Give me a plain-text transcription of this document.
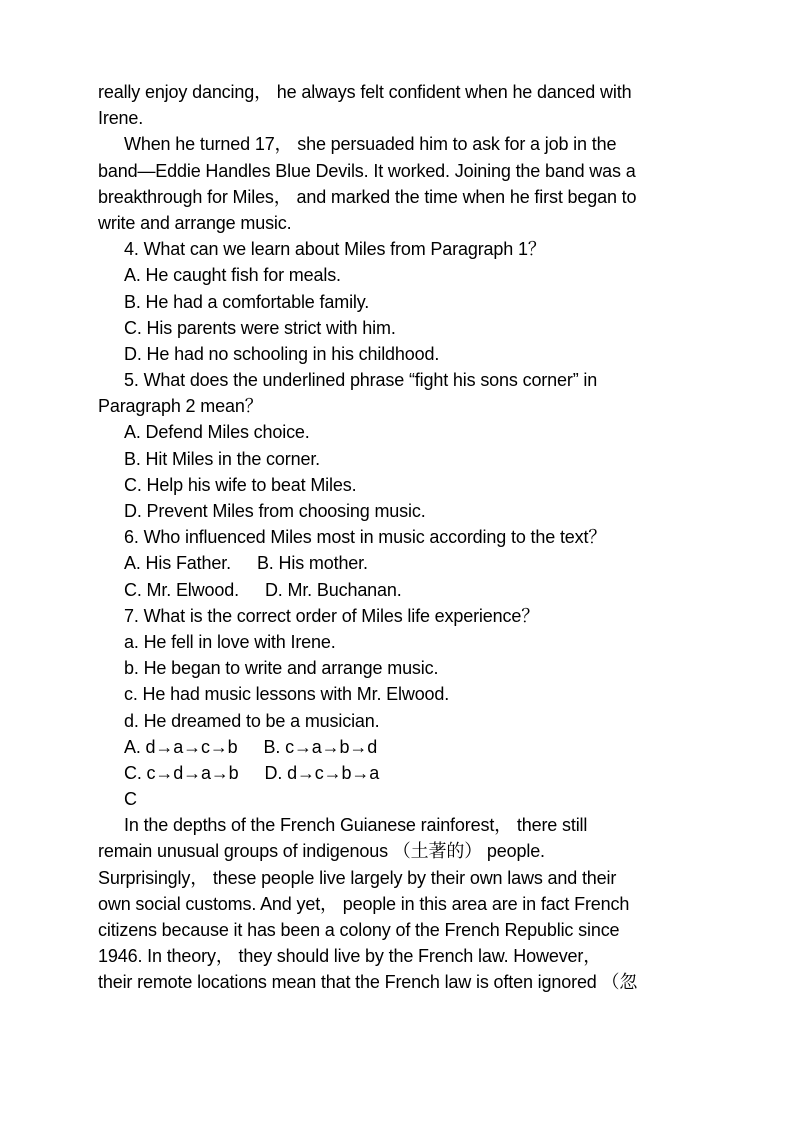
really enjoy dancing， he always felt confident when he danced with
Irene.
When he turned 17， she persuaded him to ask for a job in the
band—Eddie Handles Blue Devils. It worked. Joining the band was a
breakthrough for Miles， and marked the time when he first began to
write and arrange music.
4. What can we learn about Miles from Paragraph 1？
A. He caught fish for meals.
B. He had a comfortable family.
C. His parents were strict with him.
D. He had no schooling in his childhood.
5. What does the underlined phrase “fight his sons corner” in
Paragraph 2 mean？
A. Defend Miles choice.
B. Hit Miles in the corner.
C. Help his wife to beat Miles.
D. Prevent Miles from choosing music.
6. Who influenced Miles most in music according to the text？
A. His Father. B. His mother.
C. Mr. Elwood. D. Mr. Buchanan.
7. What is the correct order of Miles life experience？
a. He fell in love with Irene.
b. He began to write and arrange music.
c. He had music lessons with Mr. Elwood.
d. He dreamed to be a musician.
A. d→a→c→b B. c→a→b→d
C. c→d→a→b D. d→c→b→a
C
In the depths of the French Guianese rainforest， there still
remain unusual groups of indigenous （土著的） people.
Surprisingly， these people live largely by their own laws and their
own social customs. And yet， people in this area are in fact French
citizens because it has been a colony of the French Republic since
1946. In theory， they should live by the French law. However，
their remote locations mean that the French law is often ignored （忽
